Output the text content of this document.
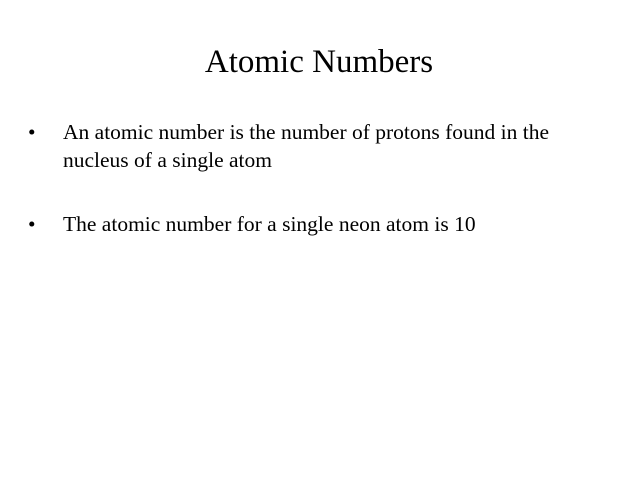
Atomic Numbers
•	An atomic number is the number of protons found in the nucleus of a single atom
•	The atomic number for a single neon atom is 10
